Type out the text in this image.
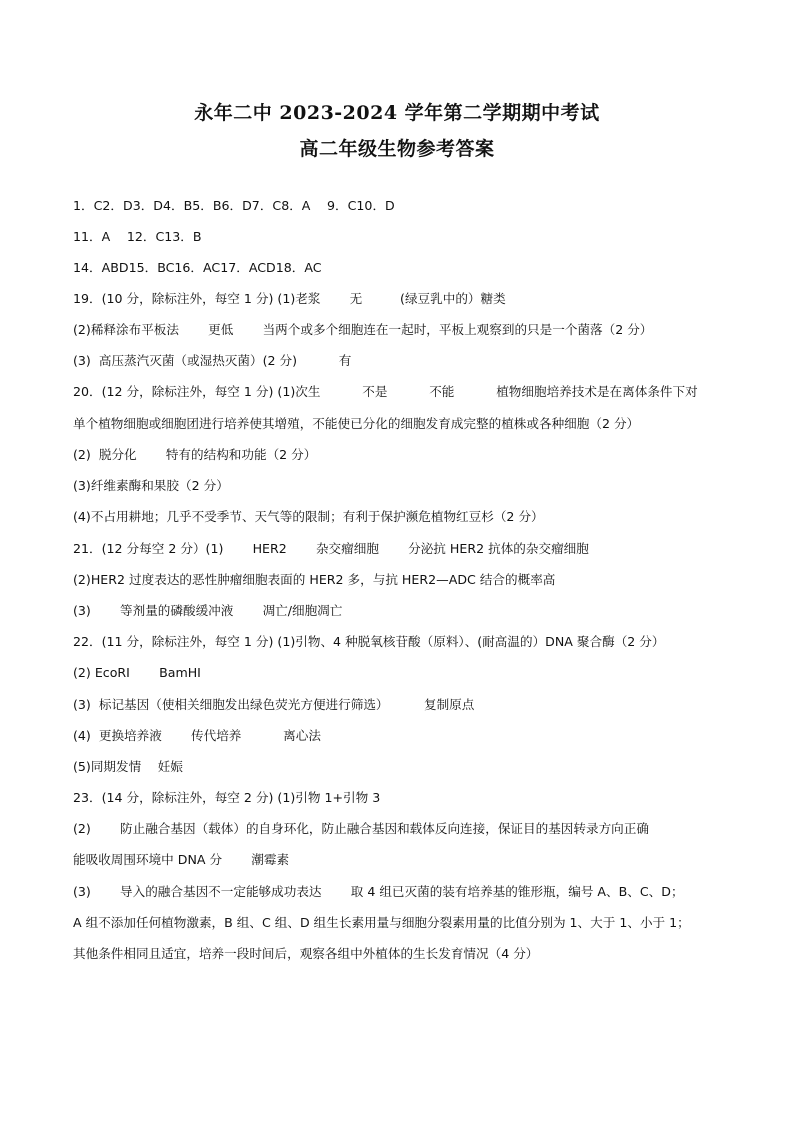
永年二中 2023-2024 学年第二学期期中考试
高二年级生物参考答案
1．C2．D3．D4．B5．B6．D7．C8．A　 9．C10．D
11．A　 12．C13．B
14．ABD15．BC16．AC17．ACD18．AC
19．(10 分，除标注外，每空 1 分) (1)老浆　　 无　　　(绿豆乳中的）糖类
(2)稀释涂布平板法　　 更低　　 当两个或多个细胞连在一起时，平板上观察到的只是一个菌落（2 分）
(3)  高压蒸汽灭菌（或湿热灭菌）(2 分)　　　 有
20．(12 分，除标注外，每空 1 分) (1)次生　　　 不是　　　 不能　　　 植物细胞培养技术是在离体条件下对
单个植物细胞或细胞团进行培养使其增殖，不能使已分化的细胞发育成完整的植株或各种细胞（2 分）
(2)  脱分化　　 特有的结构和功能（2 分）
(3)纤维素酶和果胶（2 分）
(4)不占用耕地；几乎不受季节、天气等的限制；有利于保护濒危植物红豆杉（2 分）
21．(12 分每空 2 分）(1)　　 HER2　　 杂交瘤细胞　　 分泌抗 HER2 抗体的杂交瘤细胞
(2)HER2 过度表达的恶性肿瘤细胞表面的 HER2 多，与抗 HER2—ADC 结合的概率高
(3)　　 等剂量的磷酸缓冲液　　 凋亡/细胞凋亡
22．(11 分，除标注外，每空 1 分) (1)引物、4 种脱氧核苷酸（原料）、(耐高温的）DNA 聚合酶（2 分）
(2) EcoRⅠ　　 BamHⅠ
(3)  标记基因（使相关细胞发出绿色荧光方便进行筛选）　　　 复制原点
(4)  更换培养液　　 传代培养　　　 离心法
(5)同期发情　 妊娠
23．(14 分，除标注外，每空 2 分) (1)引物 1+引物 3
(2)　　 防止融合基因（载体）的自身环化，防止融合基因和载体反向连接，保证目的基因转录方向正确
能吸收周围环境中 DNA 分　　 潮霉素
(3)　　 导入的融合基因不一定能够成功表达　　 取 4 组已灭菌的装有培养基的锥形瓶，编号 A、B、C、D；
A 组不添加任何植物激素，B 组、C 组、D 组生长素用量与细胞分裂素用量的比值分别为 1、大于 1、小于 1；
其他条件相同且适宜，培养一段时间后，观察各组中外植体的生长发育情况（4 分）
